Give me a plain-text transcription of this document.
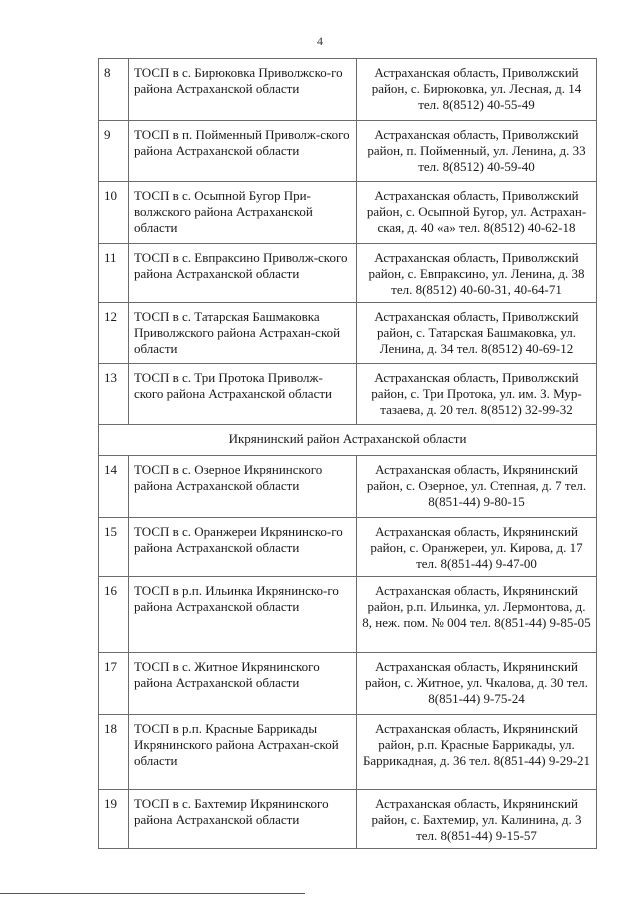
4
8	ТОСП в с. Бирюковка Приволжско-го района Астраханской области	Астраханская область, Приволжский район, с. Бирюковка, ул. Лесная, д. 14 тел. 8(8512) 40-55-49
9	ТОСП в п. Пойменный Приволж-ского района Астраханской области	Астраханская область, Приволжский район, п. Пойменный, ул. Ленина, д. 33 тел. 8(8512) 40-59-40
10	ТОСП в с. Осыпной Бугор При-волжского района Астраханской области	Астраханская область, Приволжский район, с. Осыпной Бугор, ул. Астрахан-ская, д. 40 «а» тел. 8(8512) 40-62-18
11	ТОСП в с. Евпраксино Приволж-ского района Астраханской области	Астраханская область, Приволжский район, с. Евпраксино, ул. Ленина, д. 38 тел. 8(8512) 40-60-31, 40-64-71
12	ТОСП в с. Татарская Башмаковка Приволжского района Астрахан-ской области	Астраханская область, Приволжский район, с. Татарская Башмаковка, ул. Ленина, д. 34 тел. 8(8512) 40-69-12
13	ТОСП в с. Три Протока Приволж-ского района Астраханской области	Астраханская область, Приволжский район, с. Три Протока, ул. им. З. Мур-тазаева, д. 20 тел. 8(8512) 32-99-32
Икрянинский район Астраханской области		
14	ТОСП в с. Озерное Икрянинского района Астраханской области	Астраханская область, Икрянинский район, с. Озерное, ул. Степная, д. 7 тел. 8(851-44) 9-80-15
15	ТОСП в с. Оранжереи Икрянинско-го района Астраханской области	Астраханская область, Икрянинский район, с. Оранжереи, ул. Кирова, д. 17 тел. 8(851-44) 9-47-00
16	ТОСП в р.п. Ильинка Икрянинско-го района Астраханской области	Астраханская область, Икрянинский район, р.п. Ильинка, ул. Лермонтова, д. 8, неж. пом. № 004 тел. 8(851-44) 9-85-05
17	ТОСП в с. Житное Икрянинского района Астраханской области	Астраханская область, Икрянинский район, с. Житное, ул. Чкалова, д. 30 тел. 8(851-44) 9-75-24
18	ТОСП в р.п. Красные Баррикады Икрянинского района Астрахан-ской области	Астраханская область, Икрянинский район, р.п. Красные Баррикады, ул. Баррикадная, д. 36 тел. 8(851-44) 9-29-21
19	ТОСП в с. Бахтемир Икрянинского района Астраханской области	Астраханская область, Икрянинский район, с. Бахтемир, ул. Калинина, д. 3 тел. 8(851-44) 9-15-57
